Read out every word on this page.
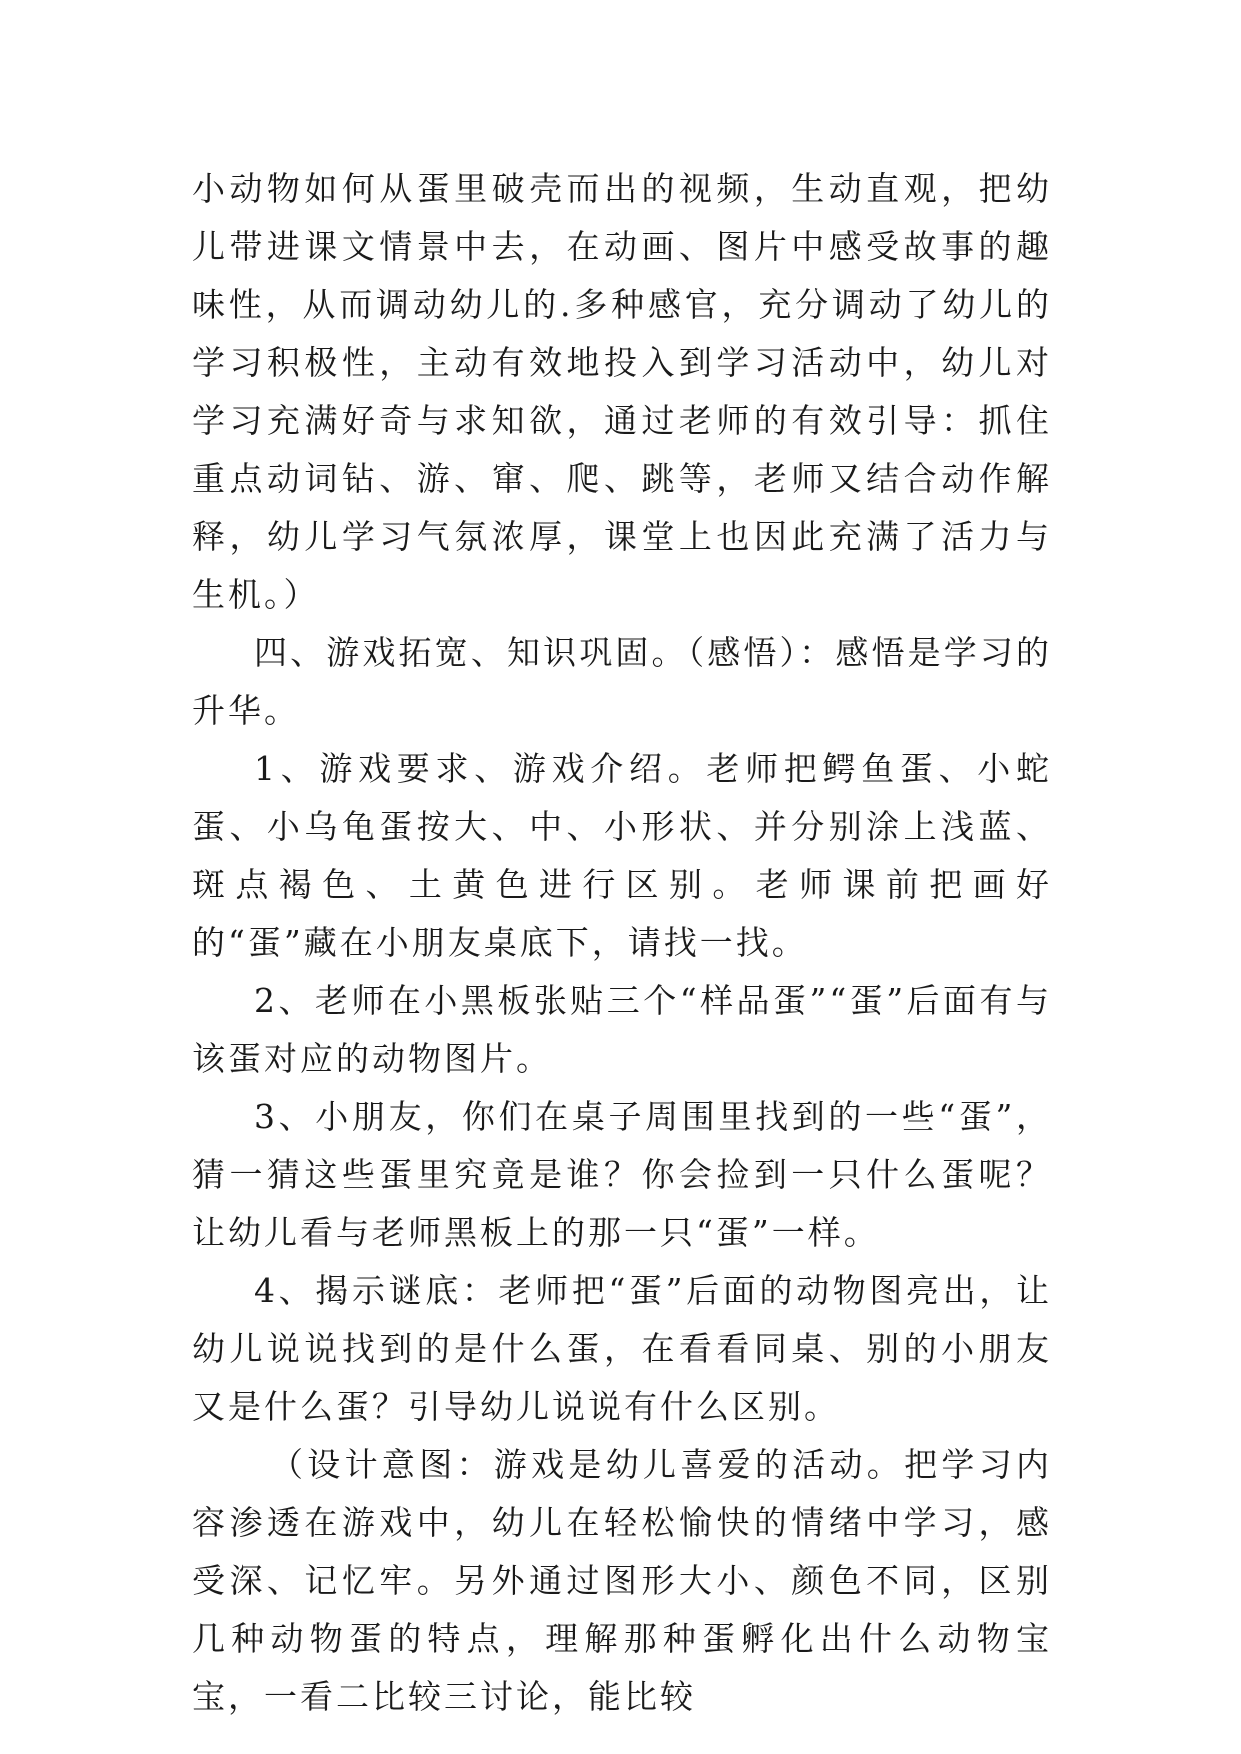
小动物如何从蛋里破壳而出的视频，生动直观，把幼儿带进课文情景中去，在动画、图片中感受故事的趣味性，从而调动幼儿的.多种感官，充分调动了幼儿的学习积极性，主动有效地投入到学习活动中，幼儿对学习充满好奇与求知欲，通过老师的有效引导：抓住重点动词钻、游、窜、爬、跳等，老师又结合动作解释，幼儿学习气氛浓厚，课堂上也因此充满了活力与生机。）

四、游戏拓宽、知识巩固。（感悟）：感悟是学习的升华。

1、游戏要求、游戏介绍。老师把鳄鱼蛋、小蛇蛋、小乌龟蛋按大、中、小形状、并分别涂上浅蓝、斑点褐色、土黄色进行区别。老师课前把画好的“蛋”藏在小朋友桌底下，请找一找。

2、老师在小黑板张贴三个“样品蛋”“蛋”后面有与该蛋对应的动物图片。

3、小朋友，你们在桌子周围里找到的一些“蛋”，猜一猜这些蛋里究竟是谁？你会捡到一只什么蛋呢？让幼儿看与老师黑板上的那一只“蛋”一样。

4、揭示谜底：老师把“蛋”后面的动物图亮出，让幼儿说说找到的是什么蛋，在看看同桌、别的小朋友又是什么蛋？引导幼儿说说有什么区别。

（设计意图：游戏是幼儿喜爱的活动。把学习内容渗透在游戏中，幼儿在轻松愉快的情绪中学习，感受深、记忆牢。另外通过图形大小、颜色不同，区别几种动物蛋的特点，理解那种蛋孵化出什么动物宝宝，一看二比较三讨论，能比较
